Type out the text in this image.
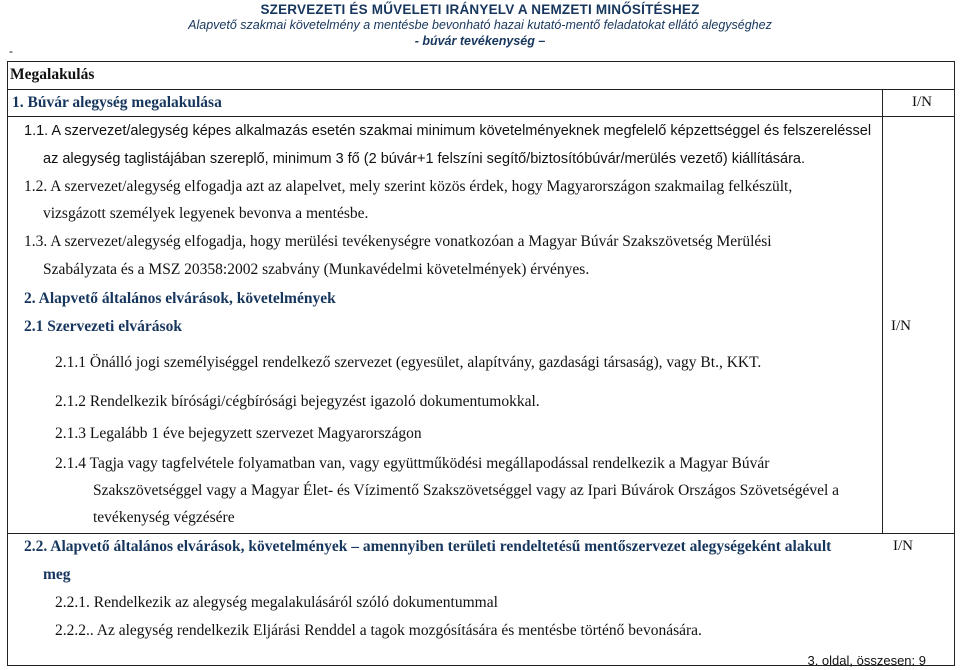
SZERVEZETI ÉS MŰVELETI IRÁNYELV A NEMZETI MINŐSÍTÉSHEZ
Alapvető szakmai követelmény a mentésbe bevonható hazai kutató-mentő feladatokat ellátó alegységhez
- búvár tevékenység –
-
Megalakulás
1. Búvár alegység megalakulása	I/N
1.1. A szervezet/alegység képes alkalmazás esetén szakmai minimum követelményeknek megfelelő képzettséggel és felszereléssel
az alegység taglistájában szereplő, minimum 3 fő (2 búvár+1 felszíni segítő/biztosítóbúvár/merülés vezető) kiállítására.
1.2. A szervezet/alegység elfogadja azt az alapelvet, mely szerint közös érdek, hogy Magyarországon szakmailag felkészült,
vizsgázott személyek legyenek bevonva a mentésbe.
1.3. A szervezet/alegység elfogadja, hogy merülési tevékenységre vonatkozóan a Magyar Búvár Szakszövetség Merülési
Szabályzata és a MSZ 20358:2002 szabvány (Munkavédelmi követelmények) érvényes.
2. Alapvető általános elvárások, követelmények
2.1 Szervezeti elvárások	I/N
2.1.1 Önálló jogi személyiséggel rendelkező szervezet (egyesület, alapítvány, gazdasági társaság), vagy Bt., KKT.
2.1.2 Rendelkezik bírósági/cégbírósági bejegyzést igazoló dokumentumokkal.
2.1.3 Legalább 1 éve bejegyzett szervezet Magyarországon
2.1.4 Tagja vagy tagfelvétele folyamatban van, vagy együttműködési megállapodással rendelkezik a Magyar Búvár
Szakszövetséggel vagy a Magyar Élet- és Vízimentő Szakszövetséggel vagy az Ipari Búvárok Országos Szövetségével a
tevékenység végzésére
2.2. Alapvető általános elvárások, követelmények – amennyiben területi rendeltetésű mentőszervezet alegységeként alakult
meg
I/N
2.2.1. Rendelkezik az alegység megalakulásáról szóló dokumentummal
2.2.2.. Az alegység rendelkezik Eljárási Renddel a tagok mozgósítására és mentésbe történő bevonására.
3. oldal, összesen: 9
